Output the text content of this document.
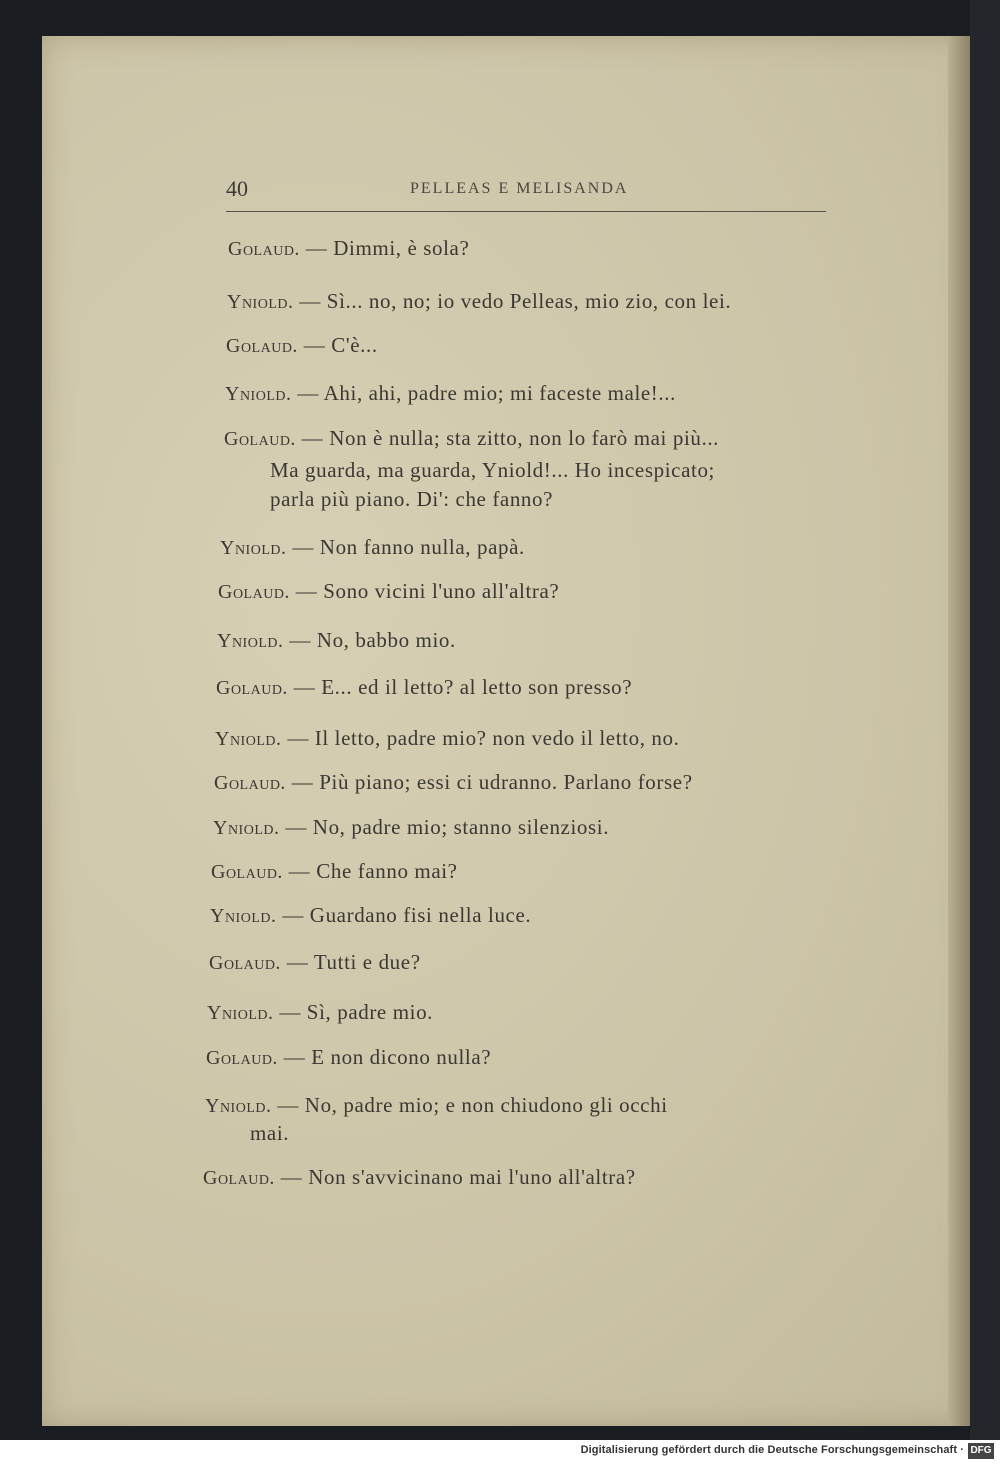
40	PELLEAS E MELISANDA
Golaud. — Dimmi, è sola?
Yniold. — Sì... no, no; io vedo Pelleas, mio zio, con lei.
Golaud. — C'è...
Yniold. — Ahi, ahi, padre mio; mi faceste male!...
Golaud. — Non è nulla; sta zitto, non lo farò mai più...
Ma guarda, ma guarda, Yniold!... Ho incespicato;
parla più piano. Di': che fanno?
Yniold. — Non fanno nulla, papà.
Golaud. — Sono vicini l'uno all'altra?
Yniold. — No, babbo mio.
Golaud. — E... ed il letto? al letto son presso?
Yniold. — Il letto, padre mio? non vedo il letto, no.
Golaud. — Più piano; essi ci udranno. Parlano forse?
Yniold. — No, padre mio; stanno silenziosi.
Golaud. — Che fanno mai?
Yniold. — Guardano fisi nella luce.
Golaud. — Tutti e due?
Yniold. — Sì, padre mio.
Golaud. — E non dicono nulla?
Yniold. — No, padre mio; e non chiudono gli occhi
mai.
Golaud. — Non s'avvicinano mai l'uno all'altra?
Digitalisierung gefördert durch die Deutsche Forschungsgemeinschaft · DFG
